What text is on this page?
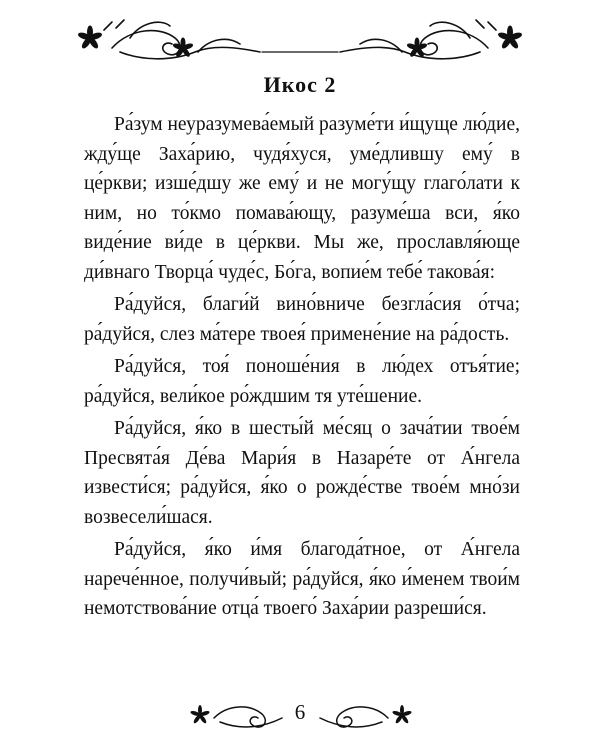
Икос 2

Ра́зум неуразумева́емый разуме́ти и́щуще лю́дие, жду́ще Заха́рию, чудя́хуся, уме́длившу ему́ в це́ркви; изше́дшу же ему́ и не могу́щу глаго́лати к ним, но то́кмо помава́ющу, разуме́ша вси, я́ко виде́ние ви́де в це́ркви. Мы же, прославля́юще ди́внаго Творца́ чуде́с, Бо́га, вопие́м тебе́ такова́я:

Ра́дуйся, благи́й вино́вниче безгла́сия о́тча; ра́дуйся, слез ма́тере твоея́ примене́ние на ра́дость.

Ра́дуйся, тоя́ поноше́ния в лю́дех отъя́тие; ра́дуйся, вели́кое ро́ждшим тя уте́шение.

Ра́дуйся, я́ко в шесты́й ме́сяц о зача́тии твое́м Пресвята́я Де́ва Мари́я в Назаре́те от А́нгела извести́ся; ра́дуйся, я́ко о рожде́стве твое́м мно́зи возвесели́шася.

Ра́дуйся, я́ко и́мя благода́тное, от А́нгела нарече́нное, получи́вый; ра́дуйся, я́ко и́менем твои́м немотствова́ние отца́ твоего́ Заха́рии разреши́ся.

6
